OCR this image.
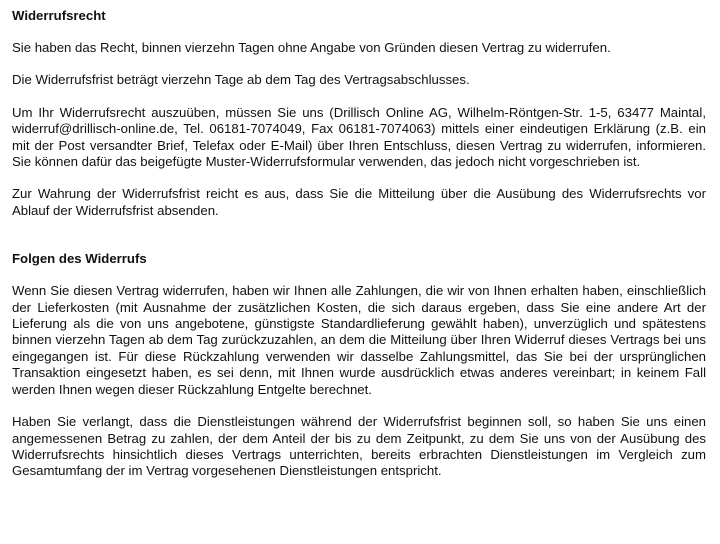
Widerrufsrecht

Sie haben das Recht, binnen vierzehn Tagen ohne Angabe von Gründen diesen Vertrag zu widerrufen.

Die Widerrufsfrist beträgt vierzehn Tage ab dem Tag des Vertragsabschlusses.

Um Ihr Widerrufsrecht auszuüben, müssen Sie uns (Drillisch Online AG, Wilhelm-Röntgen-Str. 1-5, 63477 Maintal, widerruf@drillisch-online.de, Tel. 06181-7074049, Fax 06181-7074063) mittels einer eindeutigen Erklärung (z.B. ein mit der Post versandter Brief, Telefax oder E-Mail) über Ihren Entschluss, diesen Vertrag zu widerrufen, informieren. Sie können dafür das beigefügte Muster-Widerrufsformular verwenden, das jedoch nicht vorgeschrieben ist.

Zur Wahrung der Widerrufsfrist reicht es aus, dass Sie die Mitteilung über die Ausübung des Widerrufsrechts vor Ablauf der Widerrufsfrist absenden.

Folgen des Widerrufs

Wenn Sie diesen Vertrag widerrufen, haben wir Ihnen alle Zahlungen, die wir von Ihnen erhalten haben, einschließlich der Lieferkosten (mit Ausnahme der zusätzlichen Kosten, die sich daraus ergeben, dass Sie eine andere Art der Lieferung als die von uns angebotene, günstigste Standardlieferung gewählt haben), unverzüglich und spätestens binnen vierzehn Tagen ab dem Tag zurückzuzahlen, an dem die Mitteilung über Ihren Widerruf dieses Vertrags bei uns eingegangen ist. Für diese Rückzahlung verwenden wir dasselbe Zahlungsmittel, das Sie bei der ursprünglichen Transaktion eingesetzt haben, es sei denn, mit Ihnen wurde ausdrücklich etwas anderes vereinbart; in keinem Fall werden Ihnen wegen dieser Rückzahlung Entgelte berechnet.

Haben Sie verlangt, dass die Dienstleistungen während der Widerrufsfrist beginnen soll, so haben Sie uns einen angemessenen Betrag zu zahlen, der dem Anteil der bis zu dem Zeitpunkt, zu dem Sie uns von der Ausübung des Widerrufsrechts hinsichtlich dieses Vertrags unterrichten, bereits erbrachten Dienstleistungen im Vergleich zum Gesamtumfang der im Vertrag vorgesehenen Dienstleistungen entspricht.
